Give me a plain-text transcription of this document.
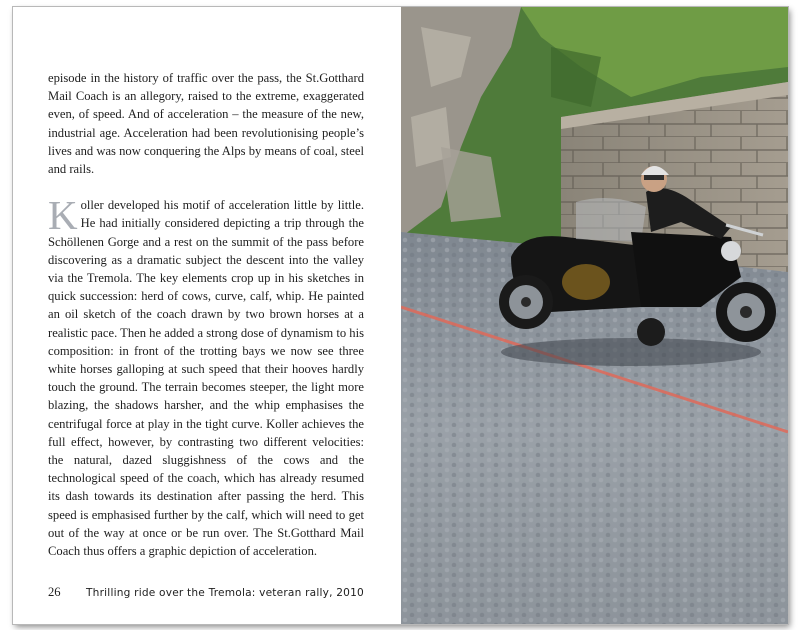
episode in the history of traffic over the pass, the St.Gotthard Mail Coach is an allegory, raised to the extreme, exaggerated even, of speed. And of acceleration – the measure of the new, industrial age. Acceleration had been revolutionising people’s lives and was now conquering the Alps by means of coal, steel and rails.

Koller developed his motif of acceleration little by little. He had initially considered depicting a trip through the Schöllenen Gorge and a rest on the summit of the pass before discovering as a dramatic subject the descent into the valley via the Tremola. The key elements crop up in his sketches in quick succession: herd of cows, curve, calf, whip. He painted an oil sketch of the coach drawn by two brown horses at a realistic pace. Then he added a strong dose of dynamism to his composition: in front of the trotting bays we now see three white horses galloping at such speed that their hooves hardly touch the ground. The terrain becomes steeper, the light more blazing, the shadows harsher, and the whip emphasises the centrifugal force at play in the tight curve. Koller achieves the full effect, however, by contrasting two different velocities: the natural, dazed sluggishness of the cows and the technological speed of the coach, which has already resumed its dash towards its destination after passing the herd. This speed is emphasised further by the calf, which will need to get out of the way at once or be run over. The St.Gotthard Mail Coach thus offers a graphic depiction of acceleration.

26 Thrilling ride over the Tremola: veteran rally, 2010
